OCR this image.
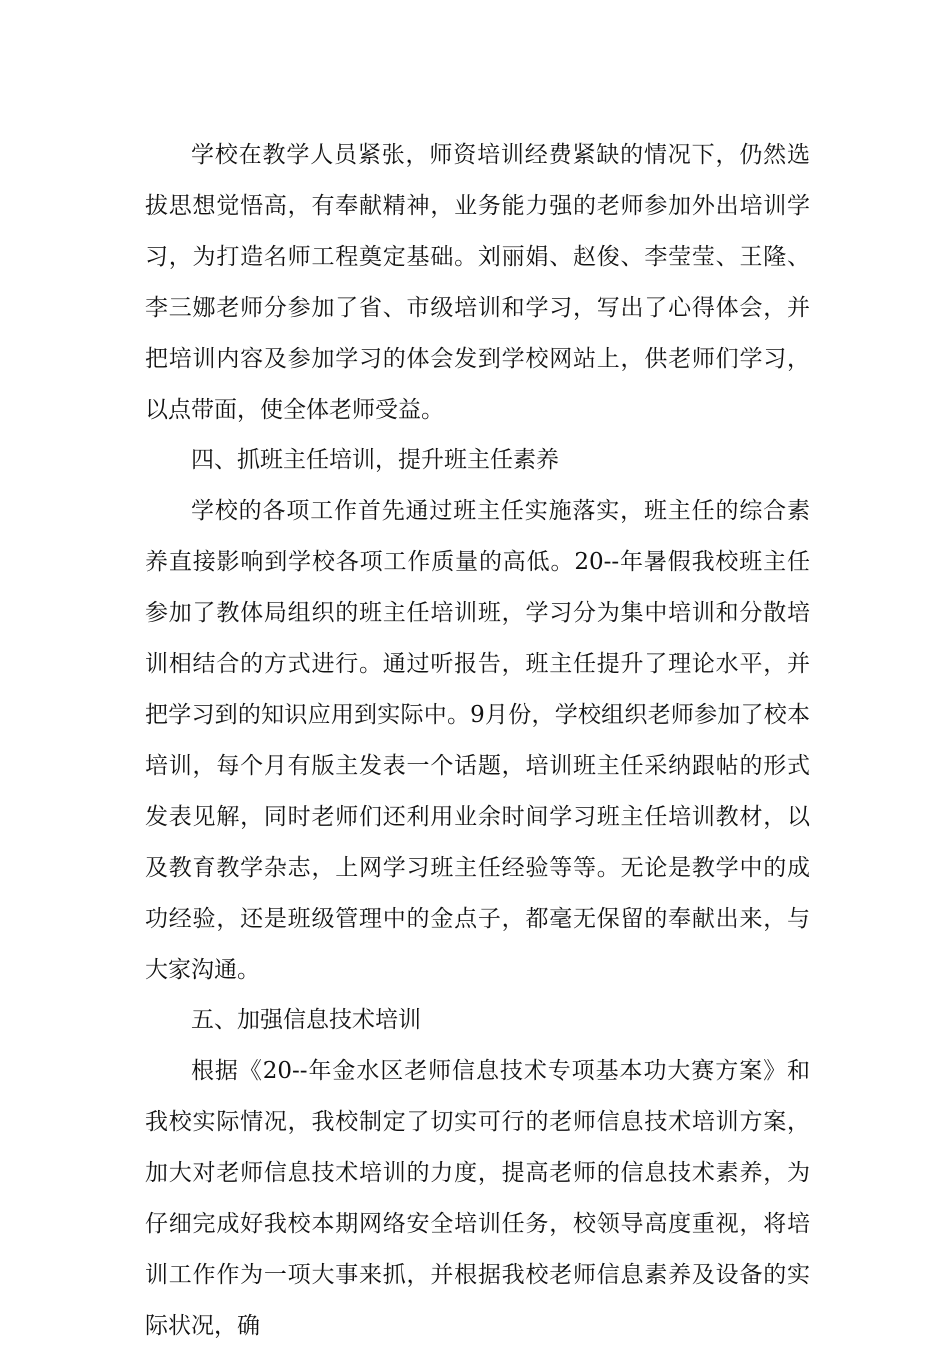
学校在教学人员紧张，师资培训经费紧缺的情况下，仍然选拔思想觉悟高，有奉献精神，业务能力强的老师参加外出培训学习，为打造名师工程奠定基础。刘丽娟、赵俊、李莹莹、王隆、李三娜老师分参加了省、市级培训和学习，写出了心得体会，并把培训内容及参加学习的体会发到学校网站上，供老师们学习，以点带面，使全体老师受益。

四、抓班主任培训，提升班主任素养

学校的各项工作首先通过班主任实施落实，班主任的综合素养直接影响到学校各项工作质量的高低。20--年暑假我校班主任参加了教体局组织的班主任培训班，学习分为集中培训和分散培训相结合的方式进行。通过听报告，班主任提升了理论水平，并把学习到的知识应用到实际中。9月份，学校组织老师参加了校本培训，每个月有版主发表一个话题，培训班主任采纳跟帖的形式发表见解，同时老师们还利用业余时间学习班主任培训教材，以及教育教学杂志，上网学习班主任经验等等。无论是教学中的成功经验，还是班级管理中的金点子，都毫无保留的奉献出来，与大家沟通。

五、加强信息技术培训

根据《20--年金水区老师信息技术专项基本功大赛方案》和我校实际情况，我校制定了切实可行的老师信息技术培训方案，加大对老师信息技术培训的力度，提高老师的信息技术素养，为仔细完成好我校本期网络安全培训任务，校领导高度重视，将培训工作作为一项大事来抓，并根据我校老师信息素养及设备的实际状况，确
